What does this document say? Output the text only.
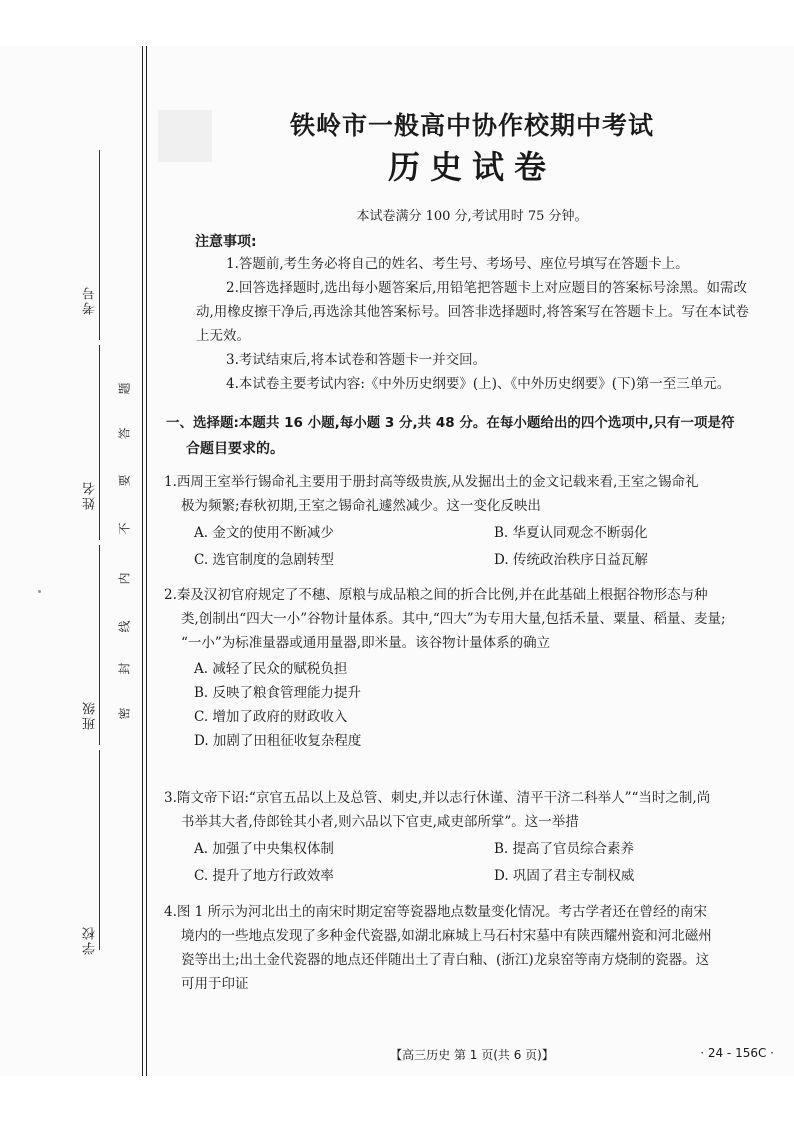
考号
姓名
班级
学校
密
封
线
内
不
要
答
题
铁岭市一般高中协作校期中考试
历史试卷
本试卷满分 100 分,考试用时 75 分钟。
注意事项:

1.答题前,考生务必将自己的姓名、考生号、考场号、座位号填写在答题卡上。

2.回答选择题时,选出每小题答案后,用铅笔把答题卡上对应题目的答案标号涂黑。如需改动,用橡皮擦干净后,再选涂其他答案标号。回答非选择题时,将答案写在答题卡上。写在本试卷上无效。

3.考试结束后,将本试卷和答题卡一并交回。

4.本试卷主要考试内容:《中外历史纲要》(上)、《中外历史纲要》(下)第一至三单元。

一、选择题:本题共 16 小题,每小题 3 分,共 48 分。在每小题给出的四个选项中,只有一项是符
合题目要求的。
1.西周王室举行锡命礼主要用于册封高等级贵族,从发掘出土的金文记载来看,王室之锡命礼
极为频繁;春秋初期,王室之锡命礼遽然减少。这一变化反映出
A. 金文的使用不断减少	B. 华夏认同观念不断弱化
C. 选官制度的急剧转型	D. 传统政治秩序日益瓦解
2.秦及汉初官府规定了不穗、原粮与成品粮之间的折合比例,并在此基础上根据谷物形态与种
类,创制出“四大一小”谷物计量体系。其中,“四大”为专用大量,包括禾量、粟量、稻量、麦量;
“一小”为标准量器或通用量器,即米量。该谷物计量体系的确立
A. 减轻了民众的赋税负担
B. 反映了粮食管理能力提升
C. 增加了政府的财政收入
D. 加剧了田租征收复杂程度
3.隋文帝下诏:“京官五品以上及总管、刺史,并以志行休谨、清平干济二科举人”“当时之制,尚
书举其大者,侍郎铨其小者,则六品以下官吏,咸吏部所掌”。这一举措
A. 加强了中央集权体制	B. 提高了官员综合素养
C. 提升了地方行政效率	D. 巩固了君主专制权威
4.图 1 所示为河北出土的南宋时期定窑等瓷器地点数量变化情况。考古学者还在曾经的南宋
境内的一些地点发现了多种金代瓷器,如湖北麻城上马石村宋墓中有陕西耀州瓷和河北磁州
瓷等出土;出土金代瓷器的地点还伴随出土了青白釉、(浙江)龙泉窑等南方烧制的瓷器。这
可用于印证
【高三历史 第 1 页(共 6 页)】	· 24 - 156C ·
